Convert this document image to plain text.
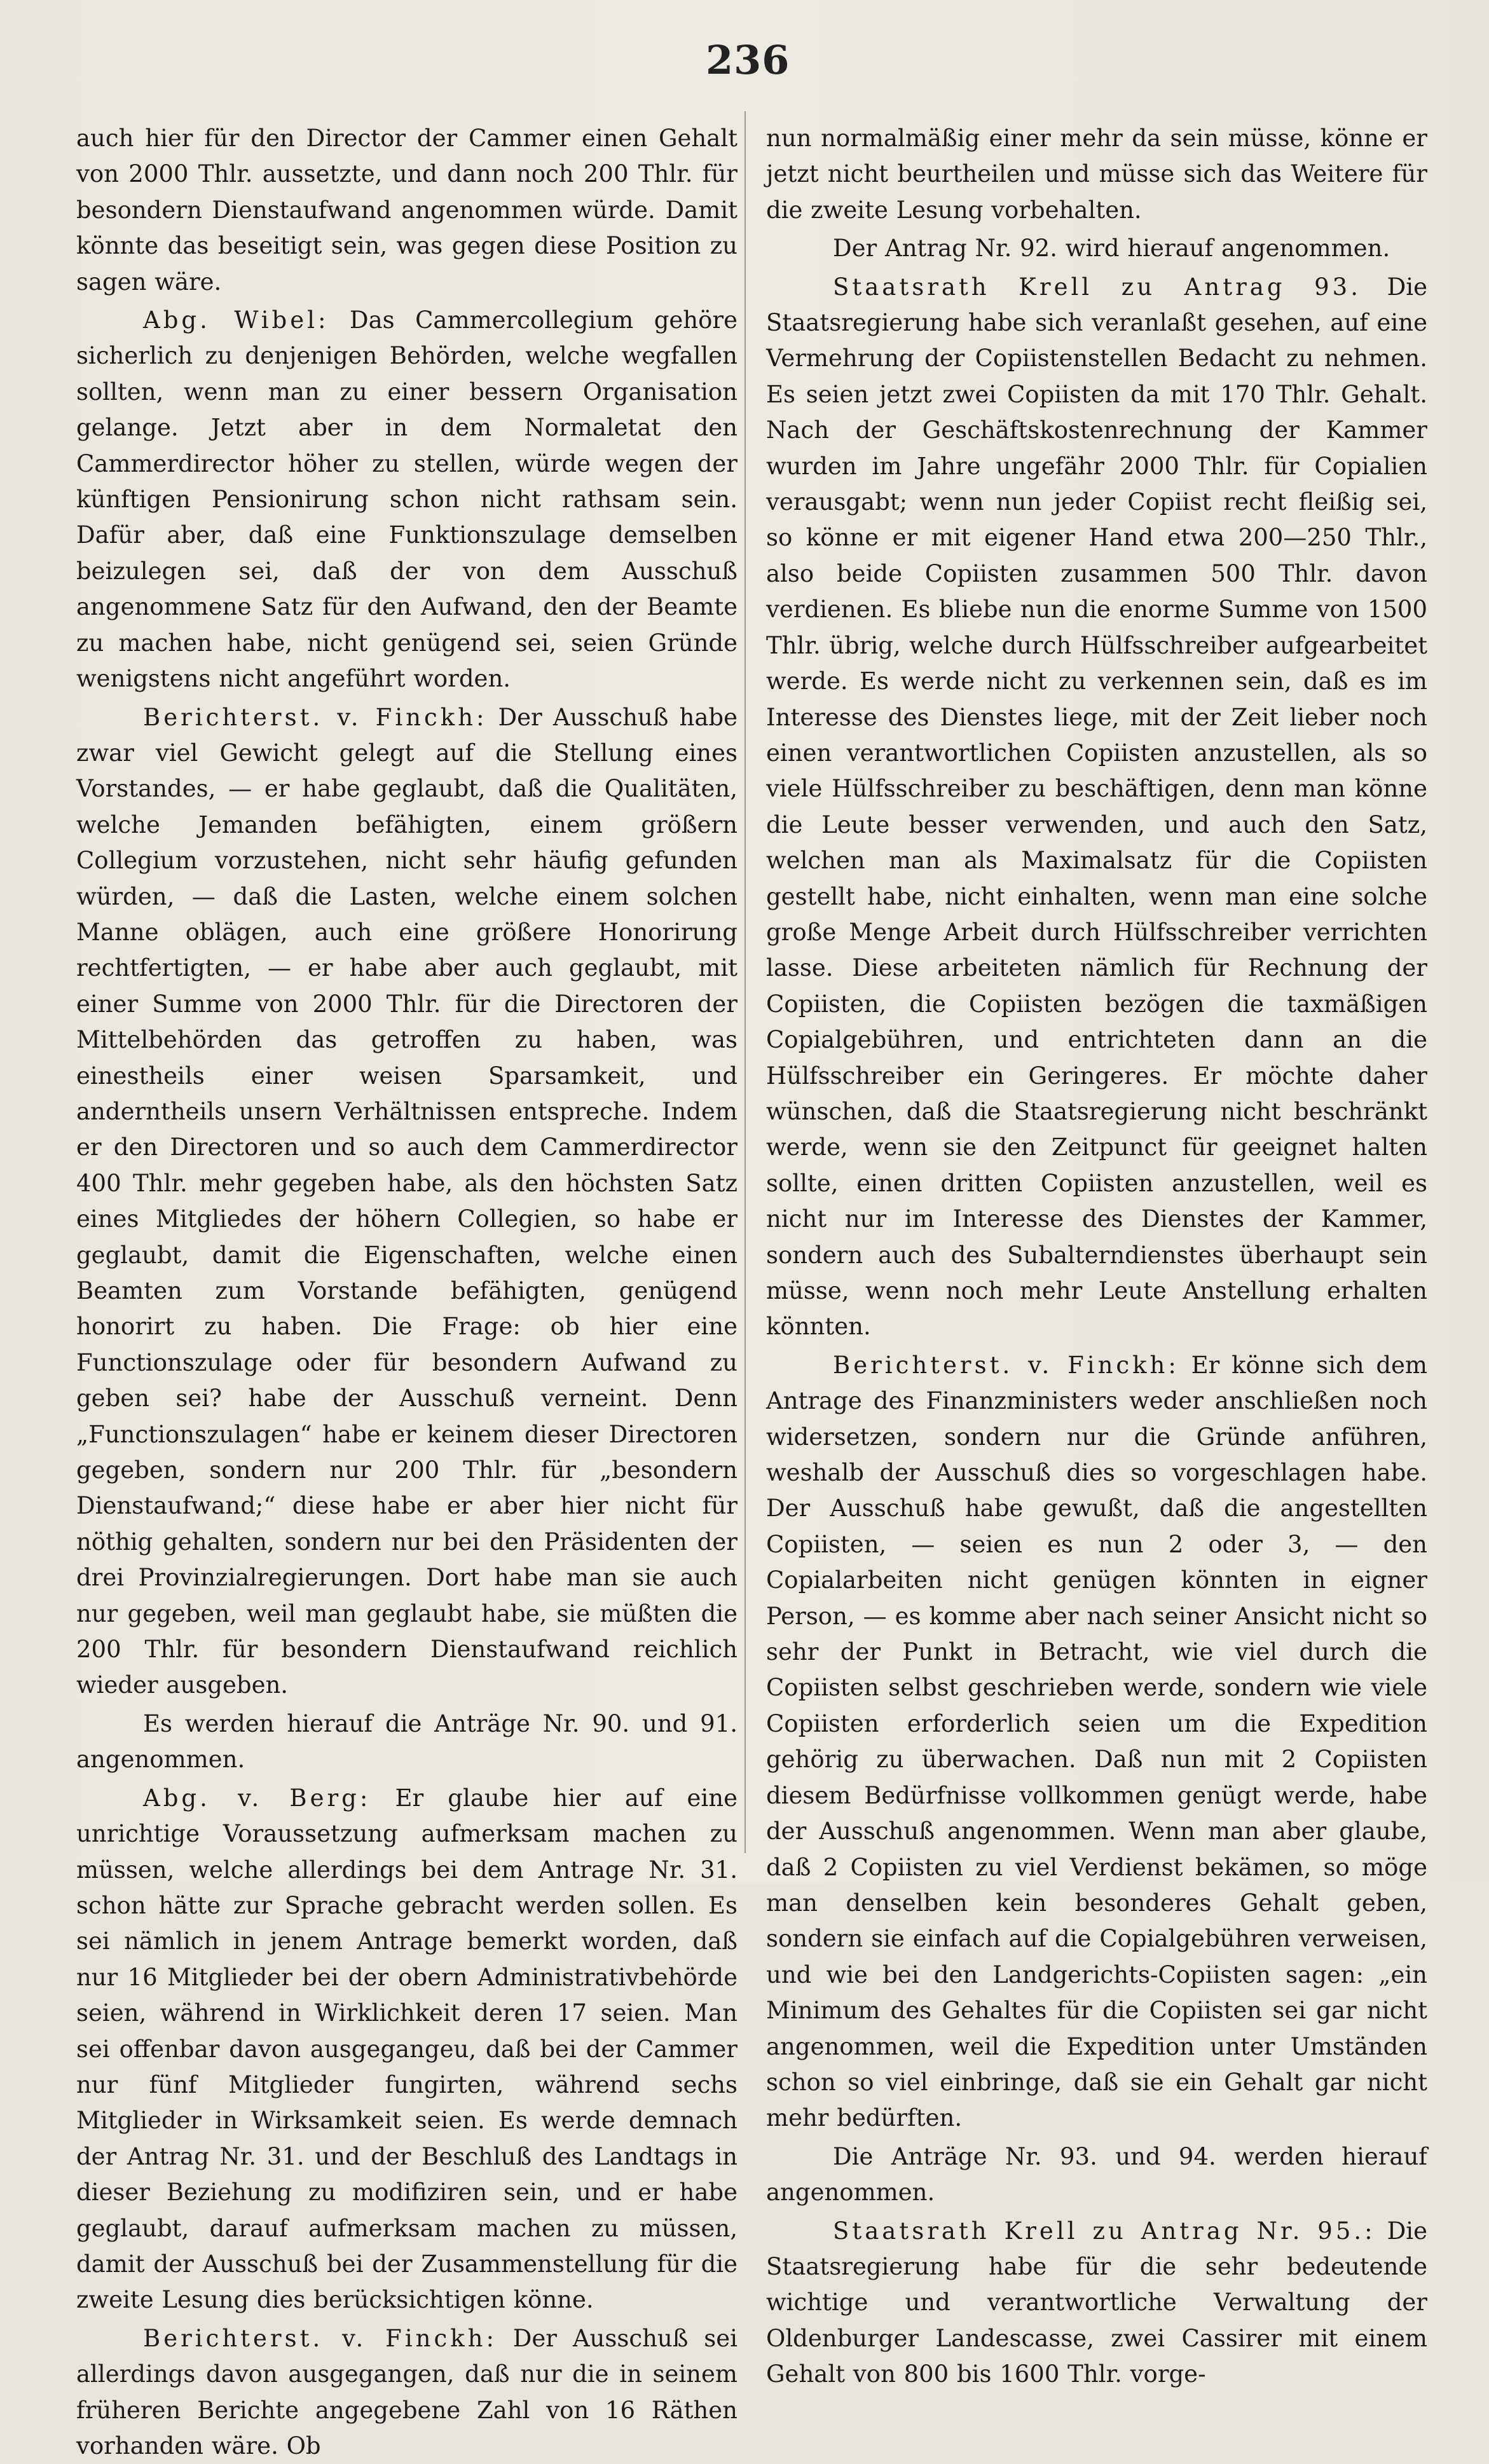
236

auch hier für den Director der Cammer einen Gehalt von 2000 Thlr. aussetzte, und dann noch 200 Thlr. für besondern Dienstaufwand angenommen würde. Damit könnte das beseitigt sein, was gegen diese Position zu sagen wäre.

Abg. Wibel: Das Cammercollegium gehöre sicherlich zu denjenigen Behörden, welche wegfallen sollten, wenn man zu einer bessern Organisation gelange. Jetzt aber in dem Normaletat den Cammerdirector höher zu stellen, würde wegen der künftigen Pensionirung schon nicht rathsam sein. Dafür aber, daß eine Funktionszulage demselben beizulegen sei, daß der von dem Ausschuß angenommene Satz für den Aufwand, den der Beamte zu machen habe, nicht genügend sei, seien Gründe wenigstens nicht angeführt worden.

Berichterst. v. Finckh: Der Ausschuß habe zwar viel Gewicht gelegt auf die Stellung eines Vorstandes, — er habe geglaubt, daß die Qualitäten, welche Jemanden befähigten, einem größern Collegium vorzustehen, nicht sehr häufig gefunden würden, — daß die Lasten, welche einem solchen Manne oblägen, auch eine größere Honorirung rechtfertigten, — er habe aber auch geglaubt, mit einer Summe von 2000 Thlr. für die Directoren der Mittelbehörden das getroffen zu haben, was einestheils einer weisen Sparsamkeit, und anderntheils unsern Verhältnissen entspreche. Indem er den Directoren und so auch dem Cammerdirector 400 Thlr. mehr gegeben habe, als den höchsten Satz eines Mitgliedes der höhern Collegien, so habe er geglaubt, damit die Eigenschaften, welche einen Beamten zum Vorstande befähigten, genügend honorirt zu haben. Die Frage: ob hier eine Functionszulage oder für besondern Aufwand zu geben sei? habe der Ausschuß verneint. Denn „Functionszulagen“ habe er keinem dieser Directoren gegeben, sondern nur 200 Thlr. für „besondern Dienstaufwand;“ diese habe er aber hier nicht für nöthig gehalten, sondern nur bei den Präsidenten der drei Provinzialregierungen. Dort habe man sie auch nur gegeben, weil man geglaubt habe, sie müßten die 200 Thlr. für besondern Dienstaufwand reichlich wieder ausgeben.

Es werden hierauf die Anträge Nr. 90. und 91. angenommen.

Abg. v. Berg: Er glaube hier auf eine unrichtige Voraussetzung aufmerksam machen zu müssen, welche allerdings bei dem Antrage Nr. 31. schon hätte zur Sprache gebracht werden sollen. Es sei nämlich in jenem Antrage bemerkt worden, daß nur 16 Mitglieder bei der obern Administrativbehörde seien, während in Wirklichkeit deren 17 seien. Man sei offenbar davon ausgegangeu, daß bei der Cammer nur fünf Mitglieder fungirten, während sechs Mitglieder in Wirksamkeit seien. Es werde demnach der Antrag Nr. 31. und der Beschluß des Landtags in dieser Beziehung zu modifiziren sein, und er habe geglaubt, darauf aufmerksam machen zu müssen, damit der Ausschuß bei der Zusammenstellung für die zweite Lesung dies berücksichtigen könne.

Berichterst. v. Finckh: Der Ausschuß sei allerdings davon ausgegangen, daß nur die in seinem früheren Berichte angegebene Zahl von 16 Räthen vorhanden wäre. Ob

nun normalmäßig einer mehr da sein müsse, könne er jetzt nicht beurtheilen und müsse sich das Weitere für die zweite Lesung vorbehalten.

Der Antrag Nr. 92. wird hierauf angenommen.

Staatsrath Krell zu Antrag 93. Die Staatsregierung habe sich veranlaßt gesehen, auf eine Vermehrung der Copiistenstellen Bedacht zu nehmen. Es seien jetzt zwei Copiisten da mit 170 Thlr. Gehalt. Nach der Geschäftskostenrechnung der Kammer wurden im Jahre ungefähr 2000 Thlr. für Copialien verausgabt; wenn nun jeder Copiist recht fleißig sei, so könne er mit eigener Hand etwa 200—250 Thlr., also beide Copiisten zusammen 500 Thlr. davon verdienen. Es bliebe nun die enorme Summe von 1500 Thlr. übrig, welche durch Hülfsschreiber aufgearbeitet werde. Es werde nicht zu verkennen sein, daß es im Interesse des Dienstes liege, mit der Zeit lieber noch einen verantwortlichen Copiisten anzustellen, als so viele Hülfsschreiber zu beschäftigen, denn man könne die Leute besser verwenden, und auch den Satz, welchen man als Maximalsatz für die Copiisten gestellt habe, nicht einhalten, wenn man eine solche große Menge Arbeit durch Hülfsschreiber verrichten lasse. Diese arbeiteten nämlich für Rechnung der Copiisten, die Copiisten bezögen die taxmäßigen Copialgebühren, und entrichteten dann an die Hülfsschreiber ein Geringeres. Er möchte daher wünschen, daß die Staatsregierung nicht beschränkt werde, wenn sie den Zeitpunct für geeignet halten sollte, einen dritten Copiisten anzustellen, weil es nicht nur im Interesse des Dienstes der Kammer, sondern auch des Subalterndienstes überhaupt sein müsse, wenn noch mehr Leute Anstellung erhalten könnten.

Berichterst. v. Finckh: Er könne sich dem Antrage des Finanzministers weder anschließen noch widersetzen, sondern nur die Gründe anführen, weshalb der Ausschuß dies so vorgeschlagen habe. Der Ausschuß habe gewußt, daß die angestellten Copiisten, — seien es nun 2 oder 3, — den Copialarbeiten nicht genügen könnten in eigner Person, — es komme aber nach seiner Ansicht nicht so sehr der Punkt in Betracht, wie viel durch die Copiisten selbst geschrieben werde, sondern wie viele Copiisten erforderlich seien um die Expedition gehörig zu überwachen. Daß nun mit 2 Copiisten diesem Bedürfnisse vollkommen genügt werde, habe der Ausschuß angenommen. Wenn man aber glaube, daß 2 Copiisten zu viel Verdienst bekämen, so möge man denselben kein besonderes Gehalt geben, sondern sie einfach auf die Copialgebühren verweisen, und wie bei den Landgerichts-Copiisten sagen: „ein Minimum des Gehaltes für die Copiisten sei gar nicht angenommen, weil die Expedition unter Umständen schon so viel einbringe, daß sie ein Gehalt gar nicht mehr bedürften.

Die Anträge Nr. 93. und 94. werden hierauf angenommen.

Staatsrath Krell zu Antrag Nr. 95.: Die Staatsregierung habe für die sehr bedeutende wichtige und verantwortliche Verwaltung der Oldenburger Landescasse, zwei Cassirer mit einem Gehalt von 800 bis 1600 Thlr. vorge-
